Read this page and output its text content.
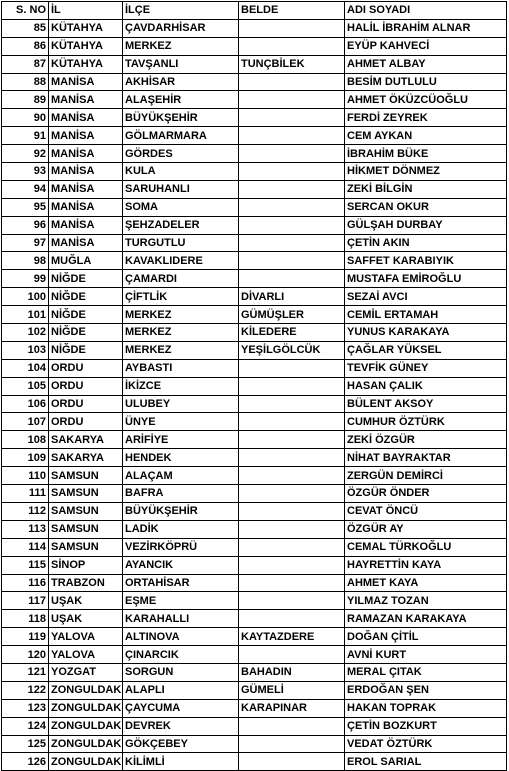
S. NO	İL	İLÇE	BELDE	ADI SOYADI
85	KÜTAHYA	ÇAVDARHİSAR		HALİL İBRAHİM ALNAR
86	KÜTAHYA	MERKEZ		EYÜP KAHVECİ
87	KÜTAHYA	TAVŞANLI	TUNÇBİLEK	AHMET ALBAY
88	MANİSA	AKHİSAR		BESİM DUTLULU
89	MANİSA	ALAŞEHİR		AHMET ÖKÜZCÜOĞLU
90	MANİSA	BÜYÜKŞEHİR		FERDİ ZEYREK
91	MANİSA	GÖLMARMARA		CEM AYKAN
92	MANİSA	GÖRDES		İBRAHİM BÜKE
93	MANİSA	KULA		HİKMET DÖNMEZ
94	MANİSA	SARUHANLI		ZEKİ BİLGİN
95	MANİSA	SOMA		SERCAN OKUR
96	MANİSA	ŞEHZADELER		GÜLŞAH DURBAY
97	MANİSA	TURGUTLU		ÇETİN AKIN
98	MUĞLA	KAVAKLIDERE		SAFFET KARABIYIK
99	NİĞDE	ÇAMARDI		MUSTAFA EMİROĞLU
100	NİĞDE	ÇİFTLİK	DİVARLI	SEZAİ AVCI
101	NİĞDE	MERKEZ	GÜMÜŞLER	CEMİL ERTAMAH
102	NİĞDE	MERKEZ	KİLEDERE	YUNUS KARAKAYA
103	NİĞDE	MERKEZ	YEŞİLGÖLCÜK	ÇAĞLAR YÜKSEL
104	ORDU	AYBASTI		TEVFİK GÜNEY
105	ORDU	İKİZCE		HASAN ÇALIK
106	ORDU	ULUBEY		BÜLENT AKSOY
107	ORDU	ÜNYE		CUMHUR ÖZTÜRK
108	SAKARYA	ARİFİYE		ZEKİ ÖZGÜR
109	SAKARYA	HENDEK		NİHAT BAYRAKTAR
110	SAMSUN	ALAÇAM		ZERGÜN DEMİRCİ
111	SAMSUN	BAFRA		ÖZGÜR ÖNDER
112	SAMSUN	BÜYÜKŞEHİR		CEVAT ÖNCÜ
113	SAMSUN	LADİK		ÖZGÜR AY
114	SAMSUN	VEZİRKÖPRÜ		CEMAL TÜRKOĞLU
115	SİNOP	AYANCIK		HAYRETTİN KAYA
116	TRABZON	ORTAHİSAR		AHMET KAYA
117	UŞAK	EŞME		YILMAZ TOZAN
118	UŞAK	KARAHALLI		RAMAZAN KARAKAYA
119	YALOVA	ALTINOVA	KAYTAZDERE	DOĞAN ÇİTİL
120	YALOVA	ÇINARCIK		AVNİ KURT
121	YOZGAT	SORGUN	BAHADIN	MERAL ÇITAK
122	ZONGULDAK	ALAPLI	GÜMELİ	ERDOĞAN ŞEN
123	ZONGULDAK	ÇAYCUMA	KARAPINAR	HAKAN TOPRAK
124	ZONGULDAK	DEVREK		ÇETİN BOZKURT
125	ZONGULDAK	GÖKÇEBEY		VEDAT ÖZTÜRK
126	ZONGULDAK	KİLİMLİ		EROL SARIAL
